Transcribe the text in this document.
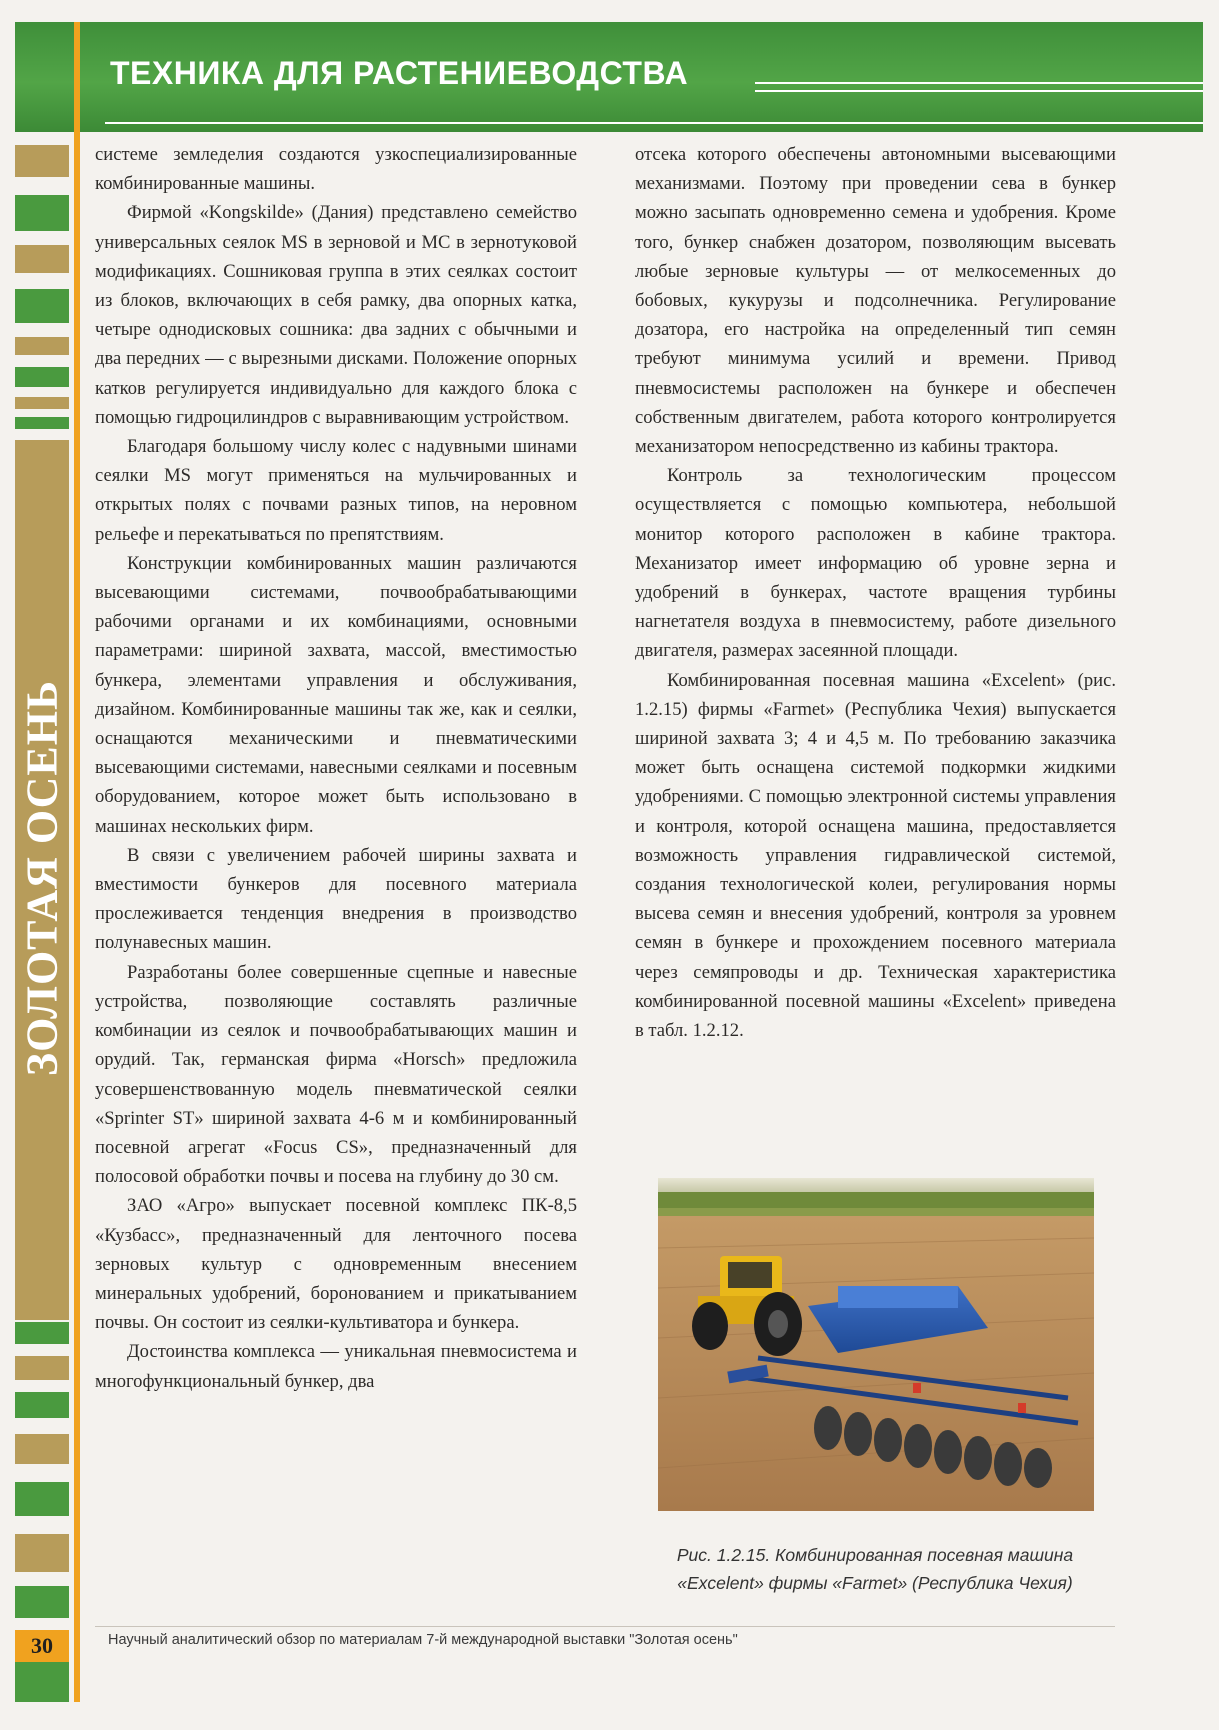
ТЕХНИКА ДЛЯ РАСТЕНИЕВОДСТВА
ЗОЛОТАЯ ОСЕНЬ

системе земледелия создаются узкоспециализированные комбинированные машины.

Фирмой «Kongskilde» (Дания) представлено семейство универсальных сеялок MS в зерновой и MC в зернотуковой модификациях. Сошниковая группа в этих сеялках состоит из блоков, включающих в себя рамку, два опорных катка, четыре однодисковых сошника: два задних с обычными и два передних — с вырезными дисками. Положение опорных катков регулируется индивидуально для каждого блока с помощью гидроцилиндров с выравнивающим устройством.

Благодаря большому числу колес с надувными шинами сеялки MS могут применяться на мульчированных и открытых полях с почвами разных типов, на неровном рельефе и перекатываться по препятствиям.

Конструкции комбинированных машин различаются высевающими системами, почвообрабатывающими рабочими органами и их комбинациями, основными параметрами: шириной захвата, массой, вместимостью бункера, элементами управления и обслуживания, дизайном. Комбинированные машины так же, как и сеялки, оснащаются механическими и пневматическими высевающими системами, навесными сеялками и посевным оборудованием, которое может быть использовано в машинах нескольких фирм.

В связи с увеличением рабочей ширины захвата и вместимости бункеров для посевного материала прослеживается тенденция внедрения в производство полунавесных машин.

Разработаны более совершенные сцепные и навесные устройства, позволяющие составлять различные комбинации из сеялок и почвообрабатывающих машин и орудий. Так, германская фирма «Horsch» предложила усовершенствованную модель пневматической сеялки «Sprinter ST» шириной захвата 4-6 м и комбинированный посевной агрегат «Focus CS», предназначенный для полосовой обработки почвы и посева на глубину до 30 см.

ЗАО «Агро» выпускает посевной комплекс ПК-8,5 «Кузбасс», предназначенный для ленточного посева зерновых культур с одновременным внесением минеральных удобрений, боронованием и прикатыванием почвы. Он состоит из сеялки-культиватора и бункера.

Достоинства комплекса — уникальная пневмосистема и многофункциональный бункер, два

отсека которого обеспечены автономными высевающими механизмами. Поэтому при проведении сева в бункер можно засыпать одновременно семена и удобрения. Кроме того, бункер снабжен дозатором, позволяющим высевать любые зерновые культуры — от мелкосеменных до бобовых, кукурузы и подсолнечника. Регулирование дозатора, его настройка на определенный тип семян требуют минимума усилий и времени. Привод пневмосистемы расположен на бункере и обеспечен собственным двигателем, работа которого контролируется механизатором непосредственно из кабины трактора.

Контроль за технологическим процессом осуществляется с помощью компьютера, небольшой монитор которого расположен в кабине трактора. Механизатор имеет информацию об уровне зерна и удобрений в бункерах, частоте вращения турбины нагнетателя воздуха в пневмосистему, работе дизельного двигателя, размерах засеянной площади.

Комбинированная посевная машина «Excelent» (рис. 1.2.15) фирмы «Farmet» (Республика Чехия) выпускается шириной захвата 3; 4 и 4,5 м. По требованию заказчика может быть оснащена системой подкормки жидкими удобрениями. С помощью электронной системы управления и контроля, которой оснащена машина, предоставляется возможность управления гидравлической системой, создания технологической колеи, регулирования нормы высева семян и внесения удобрений, контроля за уровнем семян в бункере и прохождением посевного материала через семяпроводы и др. Техническая характеристика комбинированной посевной машины «Excelent» приведена в табл. 1.2.12.

Рис. 1.2.15. Комбинированная посевная машина «Excelent» фирмы «Farmet» (Республика Чехия)
30	Научный аналитический обзор по материалам 7-й международной выставки "Золотая осень"
